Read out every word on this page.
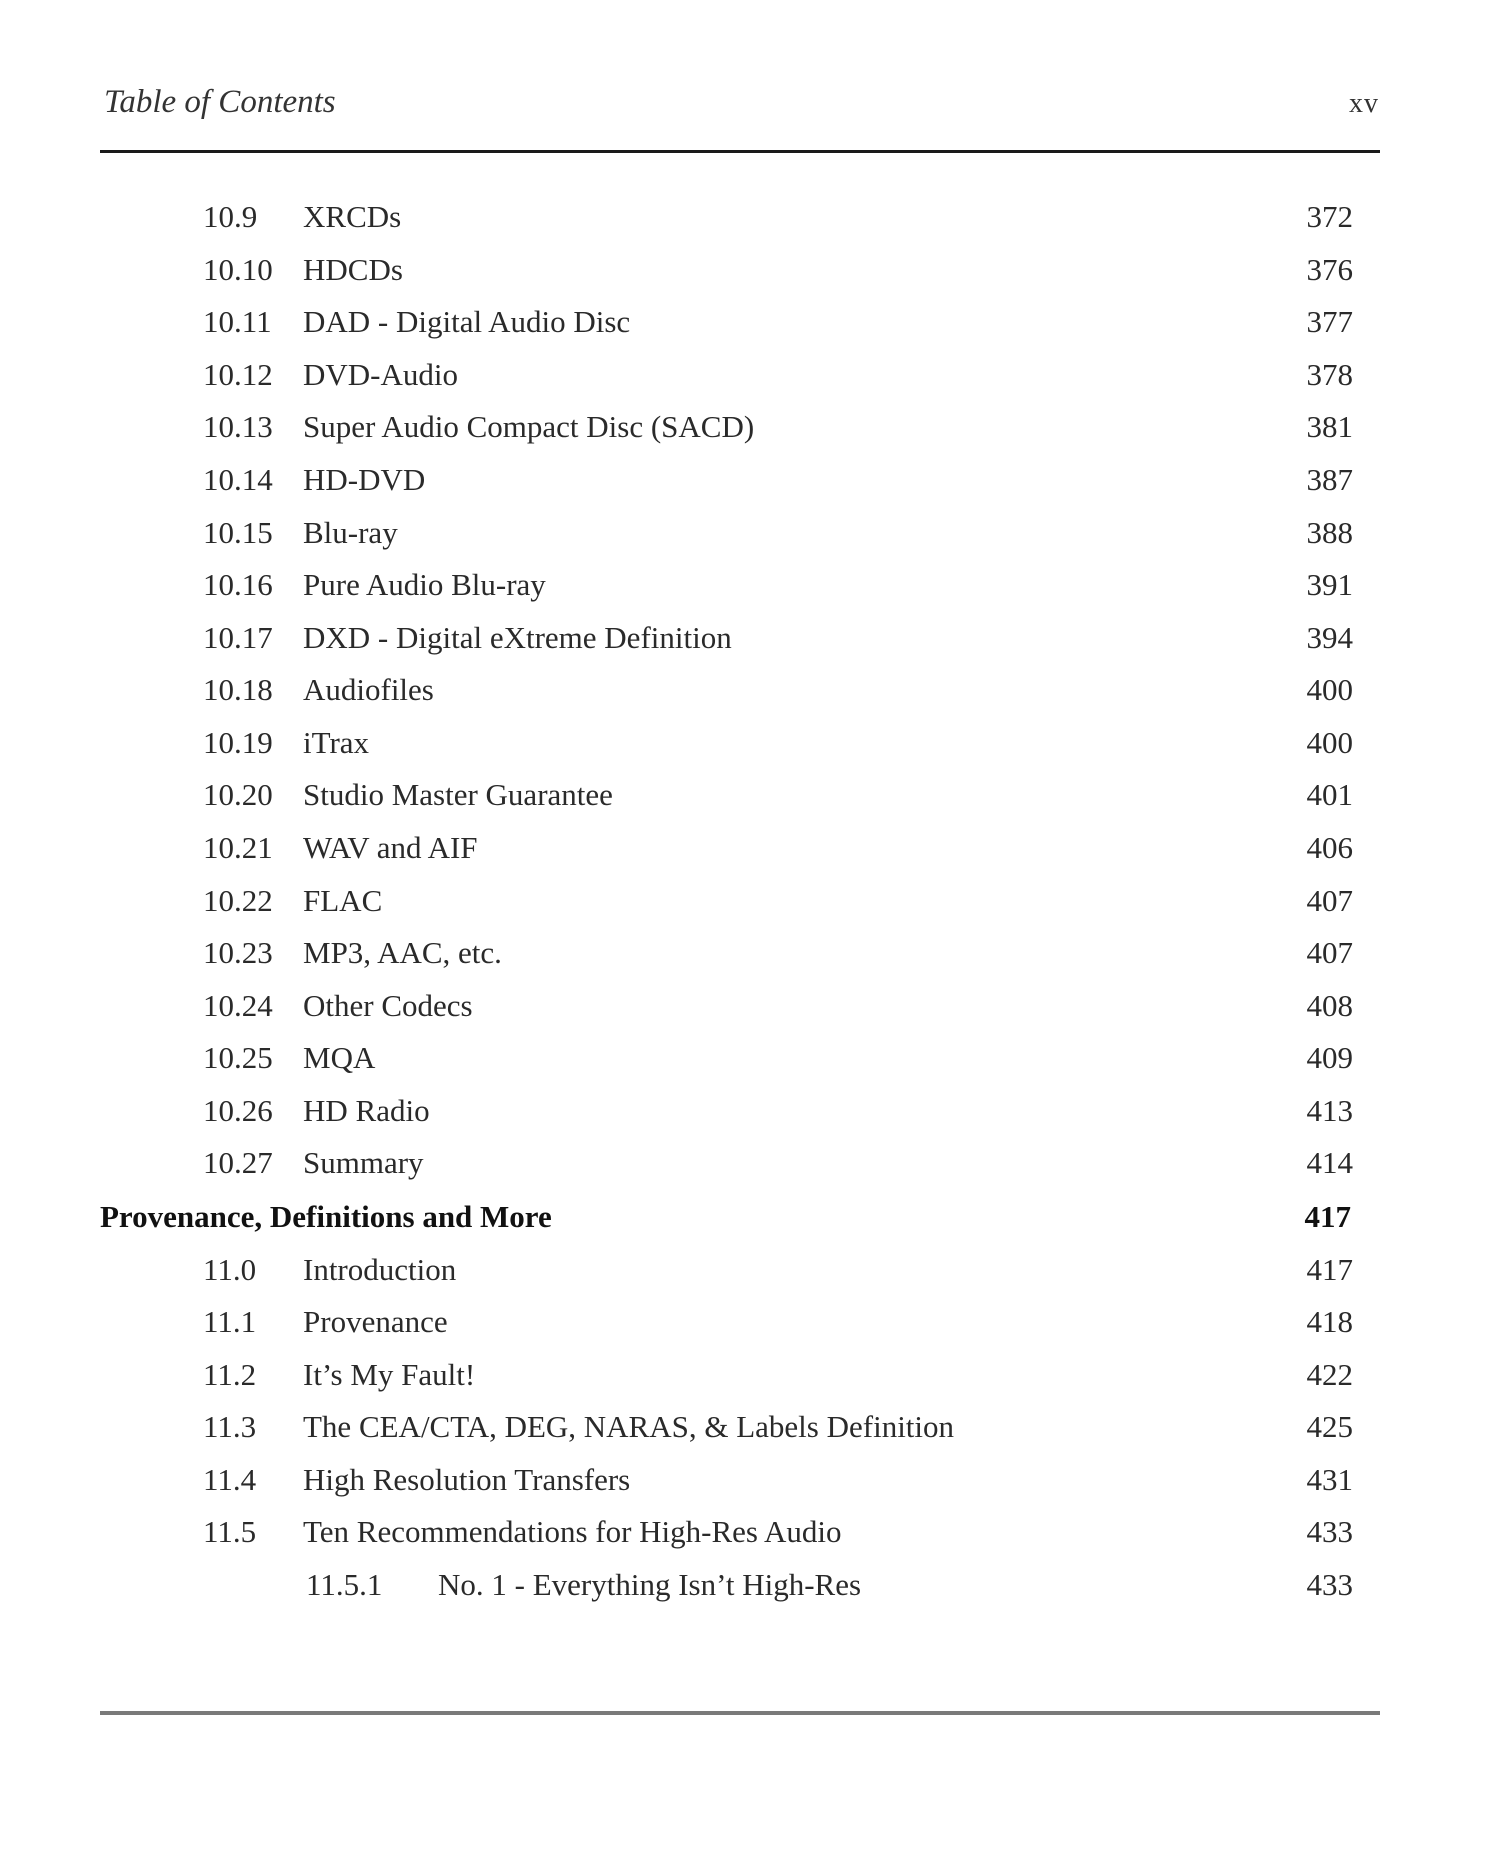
Table of Contents	xv
10.9 XRCDs	372
10.10 HDCDs	376
10.11 DAD - Digital Audio Disc	377
10.12 DVD-Audio	378
10.13 Super Audio Compact Disc (SACD)	381
10.14 HD-DVD	387
10.15 Blu-ray	388
10.16 Pure Audio Blu-ray	391
10.17 DXD - Digital eXtreme Definition	394
10.18 Audiofiles	400
10.19 iTrax	400
10.20 Studio Master Guarantee	401
10.21 WAV and AIF	406
10.22 FLAC	407
10.23 MP3, AAC, etc.	407
10.24 Other Codecs	408
10.25 MQA	409
10.26 HD Radio	413
10.27 Summary	414
Provenance, Definitions and More	417
11.0 Introduction	417
11.1 Provenance	418
11.2 It’s My Fault!	422
11.3 The CEA/CTA, DEG, NARAS, & Labels Definition	425
11.4 High Resolution Transfers	431
11.5 Ten Recommendations for High-Res Audio	433
11.5.1 No. 1 - Everything Isn’t High-Res	433
